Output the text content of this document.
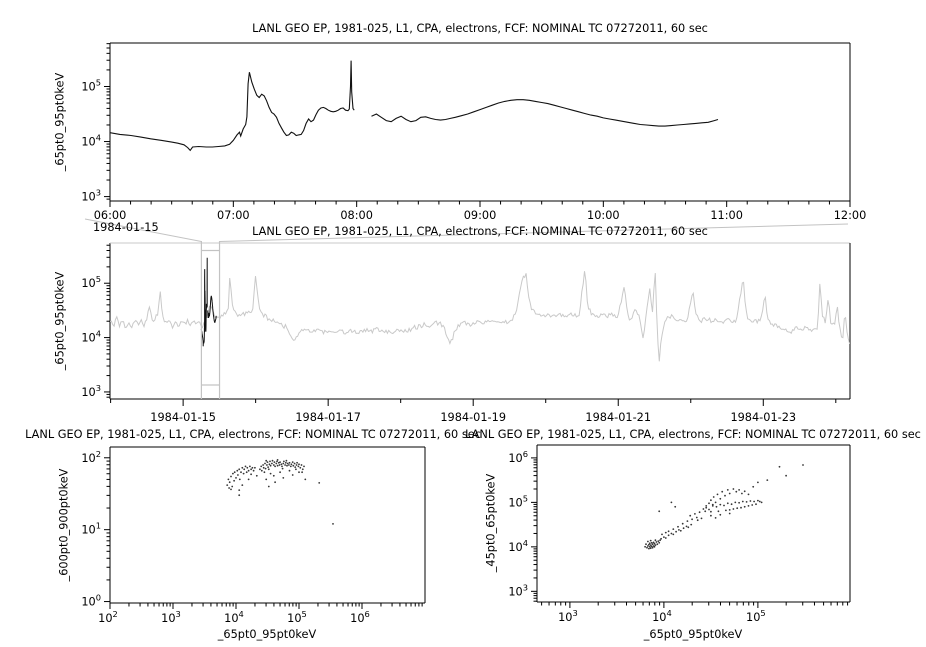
$10^3$
$10^4$
$10^5$
06:00	07:00	08:00	09:00	10:00	11:00	12:00
$10^3$
$10^4$
$10^5$
1984-01-15	1984-01-17	1984-01-19	1984-01-21	1984-01-23
$10^0$
$10^1$
$10^2$
$10^2$	$10^3$	$10^4$	$10^5$	$10^6$
$10^3$
$10^4$
$10^5$
$10^6$
$10^3$	$10^4$	$10^5$
LANL GEO EP, 1981-025, L1, CPA, electrons, FCF: NOMINAL TC 07272011, 60 sec
LANL GEO EP, 1981-025, L1, CPA, electrons, FCF: NOMINAL TC 07272011, 60 sec
LANL GEO EP, 1981-025, L1, CPA, electrons, FCF: NOMINAL TC 07272011, 60 sec
LANL GEO EP, 1981-025, L1, CPA, electrons, FCF: NOMINAL TC 07272011, 60 sec
_65pt0_95pt0keV
_65pt0_95pt0keV
_600pt0_900pt0keV	_45pt0_65pt0keV
_65pt0_95pt0keV	_65pt0_95pt0keV
1984-01-15
